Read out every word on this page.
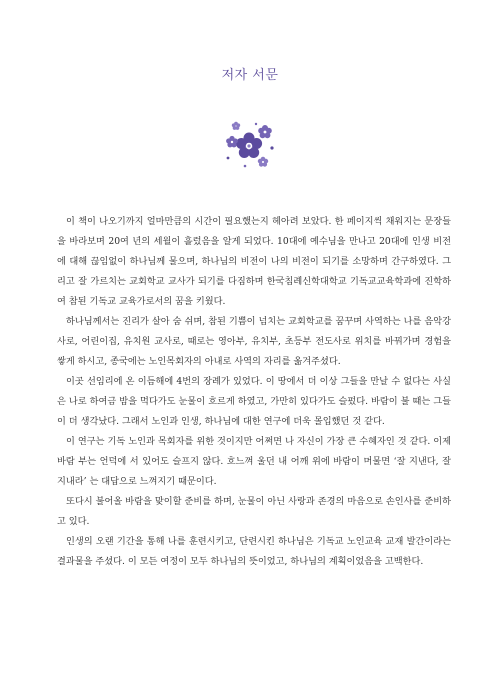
저자 서문

이 책이 나오기까지 얼마만큼의 시간이 필요했는지 헤아려 보았다. 한 페이지씩 채워지는 문장들을 바라보며 20여 년의 세월이 흘렀음을 알게 되었다. 10대에 예수님을 만나고 20대에 인생 비전에 대해 끊임없이 하나님께 물으며, 하나님의 비전이 나의 비전이 되기를 소망하며 간구하였다. 그리고 잘 가르치는 교회학교 교사가 되기를 다짐하며 한국침례신학대학교 기독교교육학과에 진학하여 참된 기독교 교육가로서의 꿈을 키웠다.

하나님께서는 진리가 살아 숨 쉬며, 참된 기쁨이 넘치는 교회학교를 꿈꾸며 사역하는 나를 음악강사로, 어린이집, 유치원 교사로, 때로는 영아부, 유치부, 초등부 전도사로 위치를 바꿔가며 경험을 쌓게 하시고, 종국에는 노인목회자의 아내로 사역의 자리를 옮겨주셨다.

이곳 선임리에 온 이듬해에 4번의 장례가 있었다. 이 땅에서 더 이상 그들을 만날 수 없다는 사실은 나로 하여금 밤을 먹다가도 눈물이 흐르게 하였고, 가만히 있다가도 슬펐다. 바람이 불 때는 그들이 더 생각났다. 그래서 노인과 인생, 하나님에 대한 연구에 더욱 몰입했던 것 같다.

이 연구는 기독 노인과 목회자를 위한 것이지만 어쩌면 나 자신이 가장 큰 수혜자인 것 같다. 이제 바람 부는 언덕에 서 있어도 슬프지 않다. 흐느껴 울던 내 어깨 위에 바람이 머물면 ‘잘 지낸다, 잘 지내라’ 는 대답으로 느껴지기 때문이다.

또다시 불어올 바람을 맞이할 준비를 하며, 눈물이 아닌 사랑과 존경의 마음으로 손인사를 준비하고 있다.

인생의 오랜 기간을 통해 나를 훈련시키고, 단련시킨 하나님은 기독교 노인교육 교재 발간이라는 결과물을 주셨다. 이 모든 여정이 모두 하나님의 뜻이었고, 하나님의 계획이었음을 고백한다.
